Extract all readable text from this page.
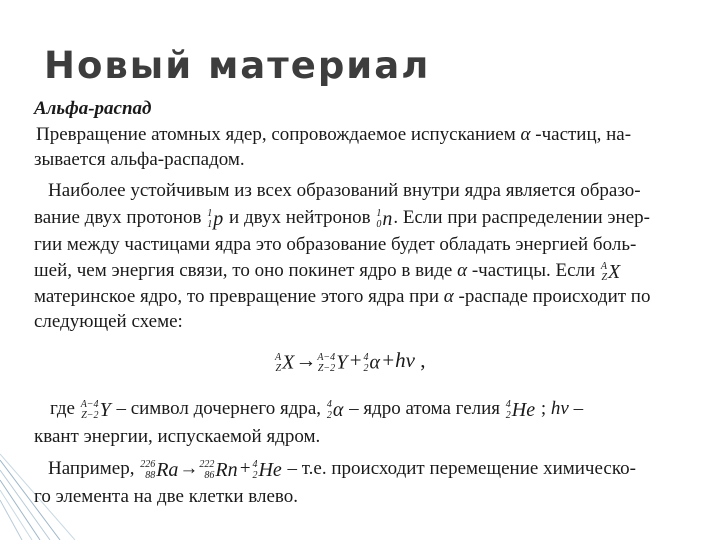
Новый материал
Альфа-распад
Превращение атомных ядер, сопровождаемое испусканием α -частиц, на-
зывается альфа-распадом.
Наиболее устойчивым из всех образований внутри ядра является образо-
вание двух протонов 1
1 p и двух нейтронов 1
0 n. Если при распределении энер-
гии между частицами ядра это образование будет обладать энергией боль-
шей, чем энергия связи, то оно покинет ядро в виде α -частицы. Если A
Z X
материнское ядро, то превращение этого ядра при α -распаде происходит по
следующей схеме:
A
Z X→ A−4
Z−2 Y+ 4
2 α+hν ,
где A−4
Z−2 Y – символ дочернего ядра, 4
2 α – ядро атома гелия 4
2 He ; hν –
квант энергии, испускаемой ядром.
Например, 226
88 Ra→ 222
86 Rn+ 4
2 He – т.е. происходит перемещение химическо-
го элемента на две клетки влево.
